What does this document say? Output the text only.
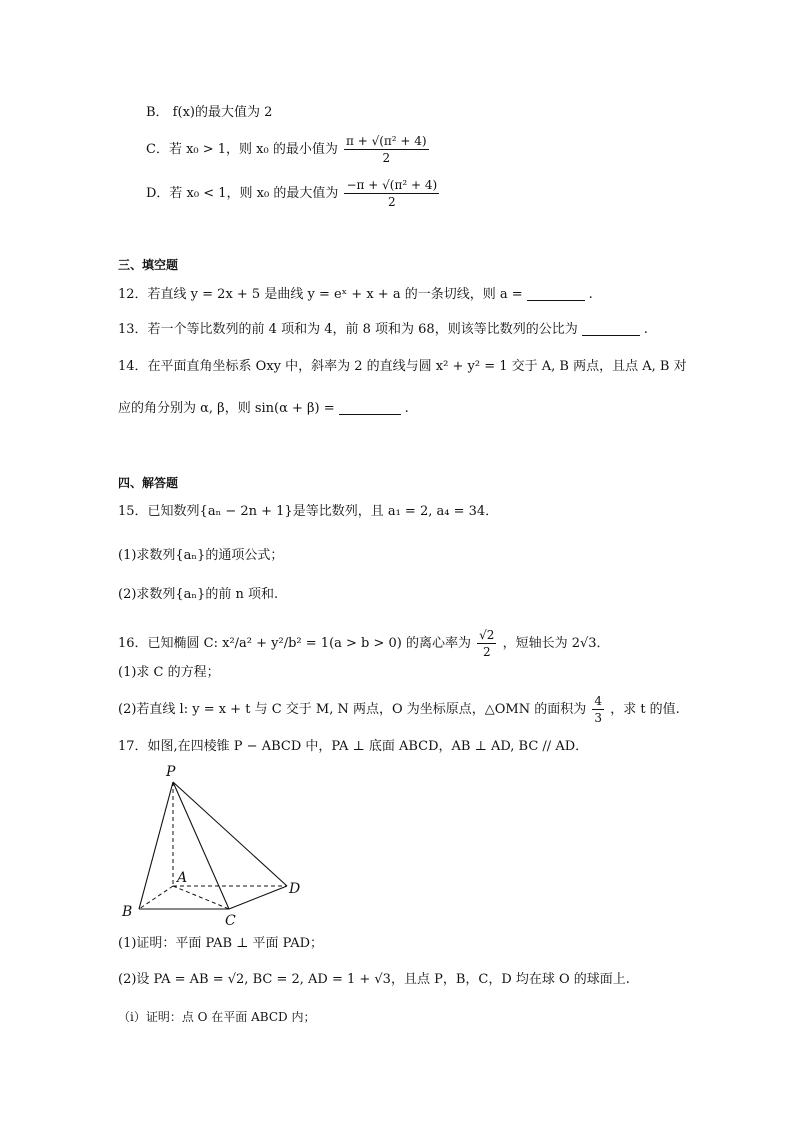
B． f(x)的最大值为 2
C．若 x₀ > 1，则 x₀ 的最小值为 $\frac{\text{π + √(π² + 4)}}{2}$
D．若 x₀ < 1，则 x₀ 的最大值为 $\frac{\text{−π + √(π² + 4)}}{2}$
三、填空题
12．若直线 y = 2x + 5 是曲线 y = eˣ + x + a 的一条切线，则 a =	.
13．若一个等比数列的前 4 项和为 4，前 8 项和为 68，则该等比数列的公比为	.
14．在平面直角坐标系 Oxy 中，斜率为 2 的直线与圆 x² + y² = 1 交于 A, B 两点，且点 A, B 对
应的角分别为 α, β，则 sin(α + β) =	.
四、解答题
15．已知数列{aₙ − 2n + 1}是等比数列，且 a₁ = 2, a₄ = 34．
(1)求数列{aₙ}的通项公式；
(2)求数列{aₙ}的前 n 项和.
16．已知椭圆 C: x²/a² + y²/b² = 1(a > b > 0) 的离心率为 $\frac{√2}{2}$ ，短轴长为 2√3．
(1)求 C 的方程；
(2)若直线 l: y = x + t 与 C 交于 M, N 两点，O 为坐标原点，△OMN 的面积为 $\frac{4}{3}$ ，求 t 的值.
17．如图,在四棱锥 P − ABCD 中，PA ⊥ 底面 ABCD，AB ⊥ AD, BC // AD．
P
A
B
C
D
(1)证明：平面 PAB ⊥ 平面 PAD；
(2)设 PA = AB = √2, BC = 2, AD = 1 + √3，且点 P，B，C，D 均在球 O 的球面上.
（i）证明：点 O 在平面 ABCD 内；
